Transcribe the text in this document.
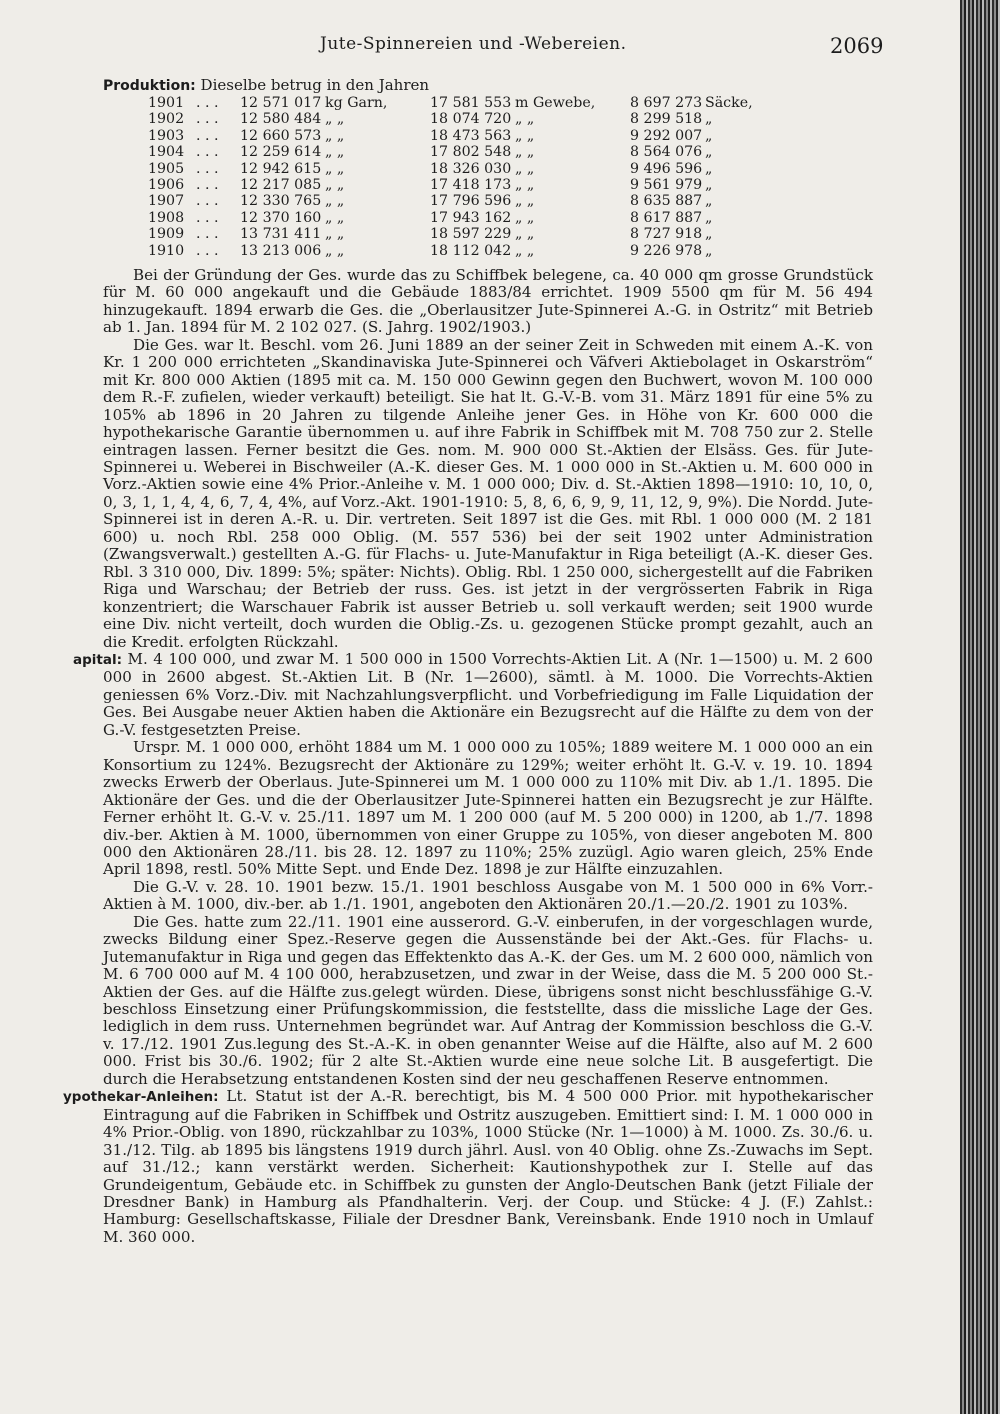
Jute-Spinnereien und -Webereien.	2069
Produktion: Dieselbe betrug in den Jahren
1901	. . .	12 571 017	kg Garn,	17 581 553	m Gewebe,	8 697 273	Säcke,
1902	. . .	12 580 484	„ „	18 074 720	„ „	8 299 518	„
1903	. . .	12 660 573	„ „	18 473 563	„ „	9 292 007	„
1904	. . .	12 259 614	„ „	17 802 548	„ „	8 564 076	„
1905	. . .	12 942 615	„ „	18 326 030	„ „	9 496 596	„
1906	. . .	12 217 085	„ „	17 418 173	„ „	9 561 979	„
1907	. . .	12 330 765	„ „	17 796 596	„ „	8 635 887	„
1908	. . .	12 370 160	„ „	17 943 162	„ „	8 617 887	„
1909	. . .	13 731 411	„ „	18 597 229	„ „	8 727 918	„
1910	. . .	13 213 006	„ „	18 112 042	„ „	9 226 978	„

Bei der Gründung der Ges. wurde das zu Schiffbek belegene, ca. 40 000 qm grosse Grundstück für M. 60 000 angekauft und die Gebäude 1883/84 errichtet. 1909 5500 qm für M. 56 494 hinzugekauft. 1894 erwarb die Ges. die „Oberlausitzer Jute-Spinnerei A.-G. in Ostritz“ mit Betrieb ab 1. Jan. 1894 für M. 2 102 027. (S. Jahrg. 1902/1903.)

Die Ges. war lt. Beschl. vom 26. Juni 1889 an der seiner Zeit in Schweden mit einem A.-K. von Kr. 1 200 000 errichteten „Skandinaviska Jute-Spinnerei och Väfveri Aktiebolaget in Oskarström“ mit Kr. 800 000 Aktien (1895 mit ca. M. 150 000 Gewinn gegen den Buchwert, wovon M. 100 000 dem R.-F. zufielen, wieder verkauft) beteiligt. Sie hat lt. G.-V.-B. vom 31. März 1891 für eine 5% zu 105% ab 1896 in 20 Jahren zu tilgende Anleihe jener Ges. in Höhe von Kr. 600 000 die hypothekarische Garantie übernommen u. auf ihre Fabrik in Schiffbek mit M. 708 750 zur 2. Stelle eintragen lassen. Ferner besitzt die Ges. nom. M. 900 000 St.-Aktien der Elsäss. Ges. für Jute-Spinnerei u. Weberei in Bischweiler (A.-K. dieser Ges. M. 1 000 000 in St.-Aktien u. M. 600 000 in Vorz.-Aktien sowie eine 4% Prior.-Anleihe v. M. 1 000 000; Div. d. St.-Aktien 1898—1910: 10, 10, 0, 0, 3, 1, 1, 4, 4, 6, 7, 4, 4%, auf Vorz.-Akt. 1901-1910: 5, 8, 6, 6, 9, 9, 11, 12, 9, 9%). Die Nordd. Jute-Spinnerei ist in deren A.-R. u. Dir. vertreten. Seit 1897 ist die Ges. mit Rbl. 1 000 000 (M. 2 181 600) u. noch Rbl. 258 000 Oblig. (M. 557 536) bei der seit 1902 unter Administration (Zwangsverwalt.) gestellten A.-G. für Flachs- u. Jute-Manufaktur in Riga beteiligt (A.-K. dieser Ges. Rbl. 3 310 000, Div. 1899: 5%; später: Nichts). Oblig. Rbl. 1 250 000, sichergestellt auf die Fabriken Riga und Warschau; der Betrieb der russ. Ges. ist jetzt in der vergrösserten Fabrik in Riga konzentriert; die Warschauer Fabrik ist ausser Betrieb u. soll verkauft werden; seit 1900 wurde eine Div. nicht verteilt, doch wurden die Oblig.-Zs. u. gezogenen Stücke prompt gezahlt, auch an die Kredit. erfolgten Rückzahl.

apital: M. 4 100 000, und zwar M. 1 500 000 in 1500 Vorrechts-Aktien Lit. A (Nr. 1—1500) u. M. 2 600 000 in 2600 abgest. St.-Aktien Lit. B (Nr. 1—2600), sämtl. à M. 1000. Die Vorrechts-Aktien geniessen 6% Vorz.-Div. mit Nachzahlungsverpflicht. und Vorbefriedigung im Falle Liquidation der Ges. Bei Ausgabe neuer Aktien haben die Aktionäre ein Bezugsrecht auf die Hälfte zu dem von der G.-V. festgesetzten Preise.

Urspr. M. 1 000 000, erhöht 1884 um M. 1 000 000 zu 105%; 1889 weitere M. 1 000 000 an ein Konsortium zu 124%. Bezugsrecht der Aktionäre zu 129%; weiter erhöht lt. G.-V. v. 19. 10. 1894 zwecks Erwerb der Oberlaus. Jute-Spinnerei um M. 1 000 000 zu 110% mit Div. ab 1./1. 1895. Die Aktionäre der Ges. und die der Oberlausitzer Jute-Spinnerei hatten ein Bezugsrecht je zur Hälfte. Ferner erhöht lt. G.-V. v. 25./11. 1897 um M. 1 200 000 (auf M. 5 200 000) in 1200, ab 1./7. 1898 div.-ber. Aktien à M. 1000, übernommen von einer Gruppe zu 105%, von dieser angeboten M. 800 000 den Aktionären 28./11. bis 28. 12. 1897 zu 110%; 25% zuzügl. Agio waren gleich, 25% Ende April 1898, restl. 50% Mitte Sept. und Ende Dez. 1898 je zur Hälfte einzuzahlen.

Die G.-V. v. 28. 10. 1901 bezw. 15./1. 1901 beschloss Ausgabe von M. 1 500 000 in 6% Vorr.-Aktien à M. 1000, div.-ber. ab 1./1. 1901, angeboten den Aktionären 20./1.—20./2. 1901 zu 103%.

Die Ges. hatte zum 22./11. 1901 eine ausserord. G.-V. einberufen, in der vorgeschlagen wurde, zwecks Bildung einer Spez.-Reserve gegen die Aussenstände bei der Akt.-Ges. für Flachs- u. Jutemanufaktur in Riga und gegen das Effektenkto das A.-K. der Ges. um M. 2 600 000, nämlich von M. 6 700 000 auf M. 4 100 000, herabzusetzen, und zwar in der Weise, dass die M. 5 200 000 St.-Aktien der Ges. auf die Hälfte zus.gelegt würden. Diese, übrigens sonst nicht beschlussfähige G.-V. beschloss Einsetzung einer Prüfungskommission, die feststellte, dass die missliche Lage der Ges. lediglich in dem russ. Unternehmen begründet war. Auf Antrag der Kommission beschloss die G.-V. v. 17./12. 1901 Zus.legung des St.-A.-K. in oben genannter Weise auf die Hälfte, also auf M. 2 600 000. Frist bis 30./6. 1902; für 2 alte St.-Aktien wurde eine neue solche Lit. B ausgefertigt. Die durch die Herabsetzung entstandenen Kosten sind der neu geschaffenen Reserve entnommen.

ypothekar-Anleihen: Lt. Statut ist der A.-R. berechtigt, bis M. 4 500 000 Prior. mit hypothekarischer Eintragung auf die Fabriken in Schiffbek und Ostritz auszugeben. Emittiert sind: I. M. 1 000 000 in 4% Prior.-Oblig. von 1890, rückzahlbar zu 103%, 1000 Stücke (Nr. 1—1000) à M. 1000. Zs. 30./6. u. 31./12. Tilg. ab 1895 bis längstens 1919 durch jährl. Ausl. von 40 Oblig. ohne Zs.-Zuwachs im Sept. auf 31./12.; kann verstärkt werden. Sicherheit: Kautionshypothek zur I. Stelle auf das Grundeigentum, Gebäude etc. in Schiffbek zu gunsten der Anglo-Deutschen Bank (jetzt Filiale der Dresdner Bank) in Hamburg als Pfandhalterin. Verj. der Coup. und Stücke: 4 J. (F.) Zahlst.: Hamburg: Gesellschaftskasse, Filiale der Dresdner Bank, Vereinsbank. Ende 1910 noch in Umlauf M. 360 000.
